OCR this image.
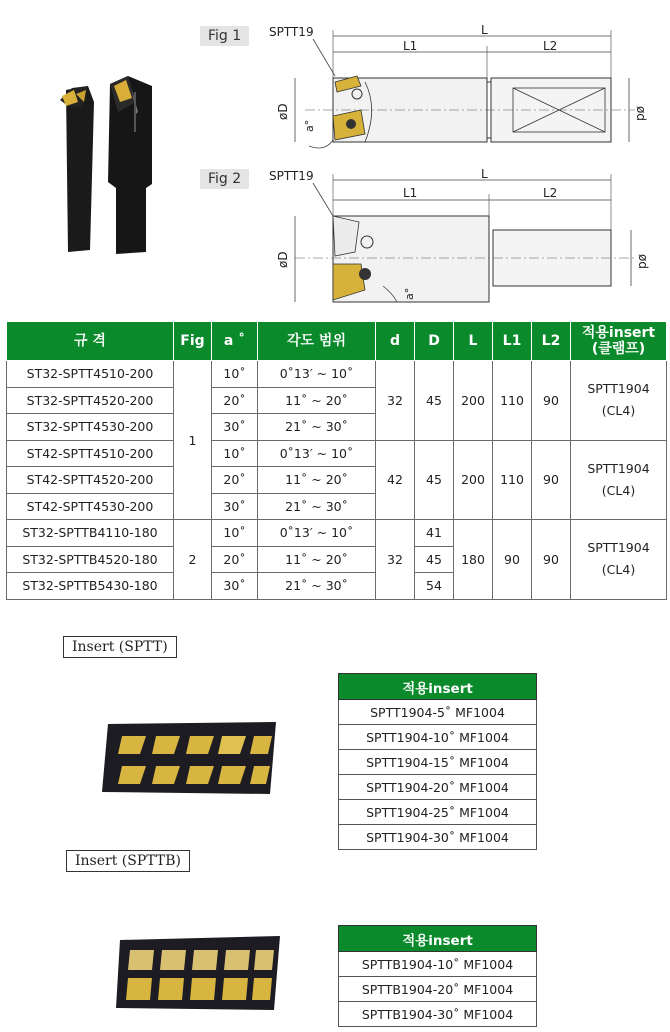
Fig 1	SPTT19	L
L1	L2
øD	ød
a°
Fig 2	SPTT19	L
L1	L2
øD	ød
a°
규 격	Fig	a ˚	각도 범위	d	D	L	L1	L2	적용insert
(클램프)

ST32-SPTT4510-200	1	10˚	0˚13′ ~ 10˚	32	45	200	110	90	SPTT1904
(CL4)

ST32-SPTT4520-200		20˚	11˚ ~ 20˚						
ST32-SPTT4530-200		30˚	21˚ ~ 30˚						
ST42-SPTT4510-200		10˚	0˚13′ ~ 10˚	42	45	200	110	90	SPTT1904
(CL4)

ST42-SPTT4520-200		20˚	11˚ ~ 20˚						
ST42-SPTT4530-200		30˚	21˚ ~ 30˚						
ST32-SPTTB4110-180	2	10˚	0˚13′ ~ 10˚	32	41	180	90	90	SPTT1904
(CL4)

ST32-SPTTB4520-180		20˚	11˚ ~ 20˚		45				
ST32-SPTTB5430-180		30˚	21˚ ~ 30˚		54				
Insert (SPTT)
적용insert
SPTT1904-5˚ MF1004
SPTT1904-10˚ MF1004
SPTT1904-15˚ MF1004
SPTT1904-20˚ MF1004
SPTT1904-25˚ MF1004
SPTT1904-30˚ MF1004
Insert (SPTTB)
적용insert
SPTTB1904-10˚ MF1004
SPTTB1904-20˚ MF1004
SPTTB1904-30˚ MF1004
